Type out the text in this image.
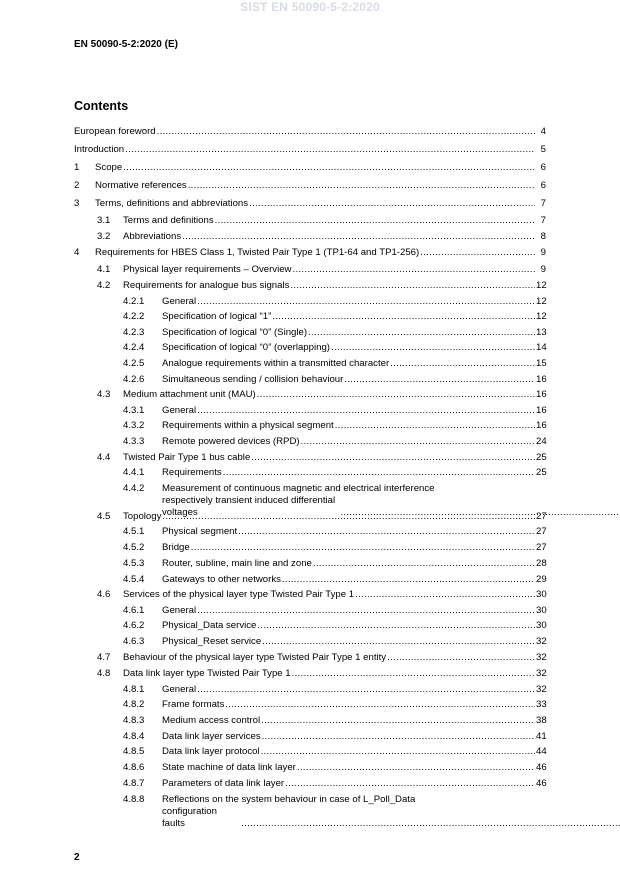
SIST EN 50090-5-2:2020
EN 50090-5-2:2020 (E)
Contents
European foreword .....	4
Introduction .....	5
1 Scope .....	6
2 Normative references .....	6
3 Terms, definitions and abbreviations .....	7
3.1 Terms and definitions .....	7
3.2 Abbreviations .....	8
4 Requirements for HBES Class 1, Twisted Pair Type 1 (TP1-64 and TP1-256) .....	9
4.1 Physical layer requirements – Overview .....	9
4.2 Requirements for analogue bus signals .....	12
4.2.1 General .....	12
4.2.2 Specification of logical “1” .....	12
4.2.3 Specification of logical “0” (Single) .....	13
4.2.4 Specification of logical “0” (overlapping) .....	14
4.2.5 Analogue requirements within a transmitted character .....	15
4.2.6 Simultaneous sending / collision behaviour .....	16
4.3 Medium attachment unit (MAU) .....	16
4.3.1 General .....	16
4.3.2 Requirements within a physical segment .....	16
4.3.3 Remote powered devices (RPD) .....	24
4.4 Twisted Pair Type 1 bus cable .....	25
4.4.1 Requirements .....	25
4.4.2 Measurement of continuous magnetic and electrical interference
respectively transient induced differential voltages
.....
4.5 Topology .....	27
4.5.1 Physical segment .....	27
4.5.2 Bridge .....	27
4.5.3 Router, subline, main line and zone .....	28
4.5.4 Gateways to other networks .....	29
4.6 Services of the physical layer type Twisted Pair Type 1 .....	30
4.6.1 General .....	30
4.6.2 Physical_Data service .....	30
4.6.3 Physical_Reset service .....	32
4.7 Behaviour of the physical layer type Twisted Pair Type 1 entity .....	32
4.8 Data link layer type Twisted Pair Type 1 .....	32
4.8.1 General .....	32
4.8.2 Frame formats .....	33
4.8.3 Medium access control .....	38
4.8.4 Data link layer services .....	41
4.8.5 Data link layer protocol .....	44
4.8.6 State machine of data link layer .....	46
4.8.7 Parameters of data link layer .....	46
4.8.8 Reflections on the system behaviour in case of L_Poll_Data
configuration faults
.....
2
